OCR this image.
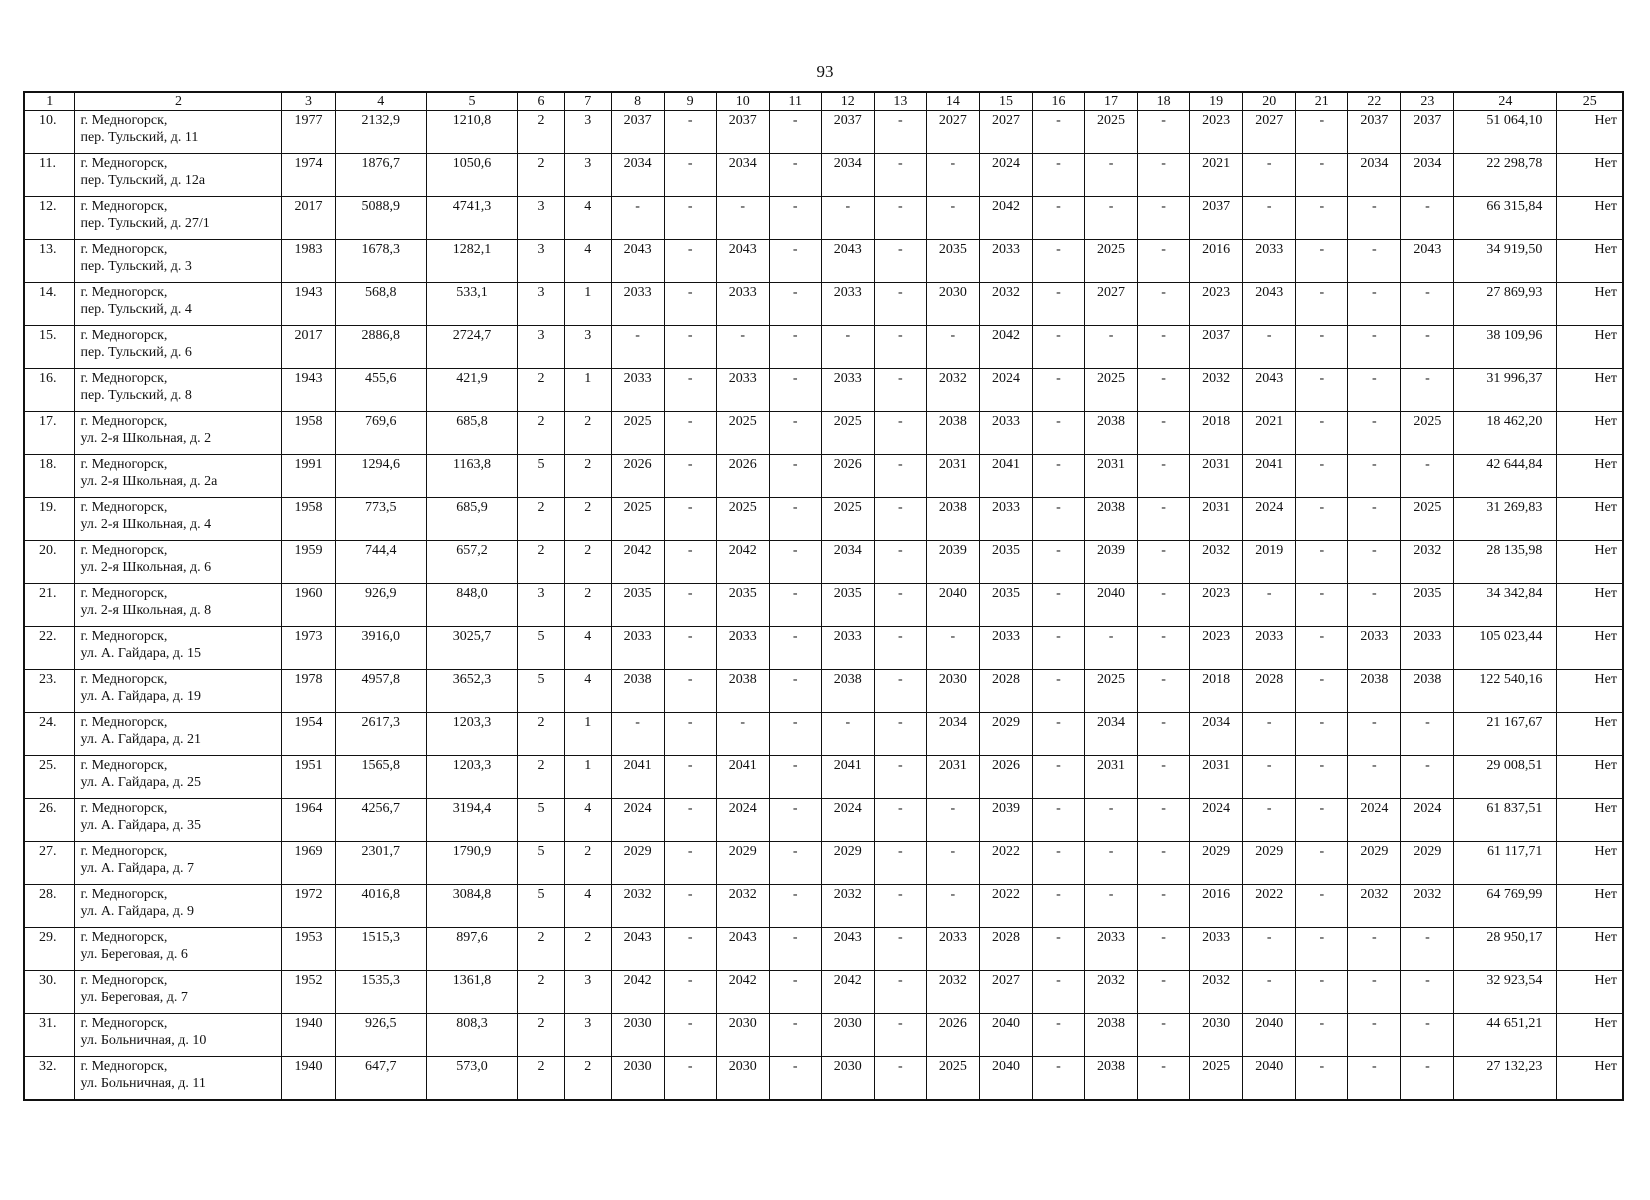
93
1	2	3	4	5	6	7	8	9	10	11	12	13	14	15	16	17	18	19	20	21	22	23	24	25
10.	г. Медногорск,
пер. Тульский, д. 11	1977	2132,9	1210,8	2	3	2037	-	2037	-	2037	-	2027	2027	-	2025	-	2023	2027	-	2037	2037	51 064,10	Нет
11.	г. Медногорск,
пер. Тульский, д. 12а	1974	1876,7	1050,6	2	3	2034	-	2034	-	2034	-	-	2024	-	-	-	2021	-	-	2034	2034	22 298,78	Нет
12.	г. Медногорск,
пер. Тульский, д. 27/1	2017	5088,9	4741,3	3	4	-	-	-	-	-	-	-	2042	-	-	-	2037	-	-	-	-	66 315,84	Нет
13.	г. Медногорск,
пер. Тульский, д. 3	1983	1678,3	1282,1	3	4	2043	-	2043	-	2043	-	2035	2033	-	2025	-	2016	2033	-	-	2043	34 919,50	Нет
14.	г. Медногорск,
пер. Тульский, д. 4	1943	568,8	533,1	3	1	2033	-	2033	-	2033	-	2030	2032	-	2027	-	2023	2043	-	-	-	27 869,93	Нет
15.	г. Медногорск,
пер. Тульский, д. 6	2017	2886,8	2724,7	3	3	-	-	-	-	-	-	-	2042	-	-	-	2037	-	-	-	-	38 109,96	Нет
16.	г. Медногорск,
пер. Тульский, д. 8	1943	455,6	421,9	2	1	2033	-	2033	-	2033	-	2032	2024	-	2025	-	2032	2043	-	-	-	31 996,37	Нет
17.	г. Медногорск,
ул. 2-я Школьная, д. 2	1958	769,6	685,8	2	2	2025	-	2025	-	2025	-	2038	2033	-	2038	-	2018	2021	-	-	2025	18 462,20	Нет
18.	г. Медногорск,
ул. 2-я Школьная, д. 2а	1991	1294,6	1163,8	5	2	2026	-	2026	-	2026	-	2031	2041	-	2031	-	2031	2041	-	-	-	42 644,84	Нет
19.	г. Медногорск,
ул. 2-я Школьная, д. 4	1958	773,5	685,9	2	2	2025	-	2025	-	2025	-	2038	2033	-	2038	-	2031	2024	-	-	2025	31 269,83	Нет
20.	г. Медногорск,
ул. 2-я Школьная, д. 6	1959	744,4	657,2	2	2	2042	-	2042	-	2034	-	2039	2035	-	2039	-	2032	2019	-	-	2032	28 135,98	Нет
21.	г. Медногорск,
ул. 2-я Школьная, д. 8	1960	926,9	848,0	3	2	2035	-	2035	-	2035	-	2040	2035	-	2040	-	2023	-	-	-	2035	34 342,84	Нет
22.	г. Медногорск,
ул. А. Гайдара, д. 15	1973	3916,0	3025,7	5	4	2033	-	2033	-	2033	-	-	2033	-	-	-	2023	2033	-	2033	2033	105 023,44	Нет
23.	г. Медногорск,
ул. А. Гайдара, д. 19	1978	4957,8	3652,3	5	4	2038	-	2038	-	2038	-	2030	2028	-	2025	-	2018	2028	-	2038	2038	122 540,16	Нет
24.	г. Медногорск,
ул. А. Гайдара, д. 21	1954	2617,3	1203,3	2	1	-	-	-	-	-	-	2034	2029	-	2034	-	2034	-	-	-	-	21 167,67	Нет
25.	г. Медногорск,
ул. А. Гайдара, д. 25	1951	1565,8	1203,3	2	1	2041	-	2041	-	2041	-	2031	2026	-	2031	-	2031	-	-	-	-	29 008,51	Нет
26.	г. Медногорск,
ул. А. Гайдара, д. 35	1964	4256,7	3194,4	5	4	2024	-	2024	-	2024	-	-	2039	-	-	-	2024	-	-	2024	2024	61 837,51	Нет
27.	г. Медногорск,
ул. А. Гайдара, д. 7	1969	2301,7	1790,9	5	2	2029	-	2029	-	2029	-	-	2022	-	-	-	2029	2029	-	2029	2029	61 117,71	Нет
28.	г. Медногорск,
ул. А. Гайдара, д. 9	1972	4016,8	3084,8	5	4	2032	-	2032	-	2032	-	-	2022	-	-	-	2016	2022	-	2032	2032	64 769,99	Нет
29.	г. Медногорск,
ул. Береговая, д. 6	1953	1515,3	897,6	2	2	2043	-	2043	-	2043	-	2033	2028	-	2033	-	2033	-	-	-	-	28 950,17	Нет
30.	г. Медногорск,
ул. Береговая, д. 7	1952	1535,3	1361,8	2	3	2042	-	2042	-	2042	-	2032	2027	-	2032	-	2032	-	-	-	-	32 923,54	Нет
31.	г. Медногорск,
ул. Больничная, д. 10	1940	926,5	808,3	2	3	2030	-	2030	-	2030	-	2026	2040	-	2038	-	2030	2040	-	-	-	44 651,21	Нет
32.	г. Медногорск,
ул. Больничная, д. 11	1940	647,7	573,0	2	2	2030	-	2030	-	2030	-	2025	2040	-	2038	-	2025	2040	-	-	-	27 132,23	Нет
